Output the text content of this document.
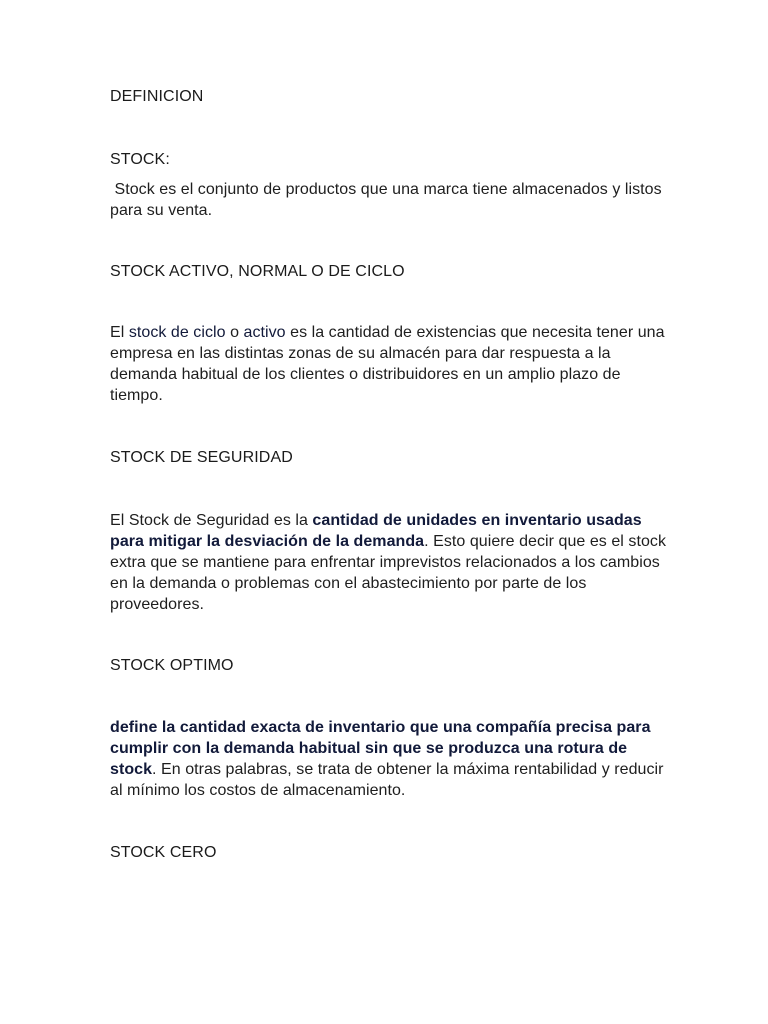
DEFINICION
STOCK:
Stock es el conjunto de productos que una marca tiene almacenados y listos para su venta.
STOCK ACTIVO, NORMAL O DE CICLO
El stock de ciclo o activo es la cantidad de existencias que necesita tener una empresa en las distintas zonas de su almacén para dar respuesta a la demanda habitual de los clientes o distribuidores en un amplio plazo de tiempo.
STOCK DE SEGURIDAD
El Stock de Seguridad es la cantidad de unidades en inventario usadas para mitigar la desviación de la demanda. Esto quiere decir que es el stock extra que se mantiene para enfrentar imprevistos relacionados a los cambios en la demanda o problemas con el abastecimiento por parte de los proveedores.
STOCK OPTIMO
define la cantidad exacta de inventario que una compañía precisa para cumplir con la demanda habitual sin que se produzca una rotura de stock. En otras palabras, se trata de obtener la máxima rentabilidad y reducir al mínimo los costos de almacenamiento.
STOCK CERO
